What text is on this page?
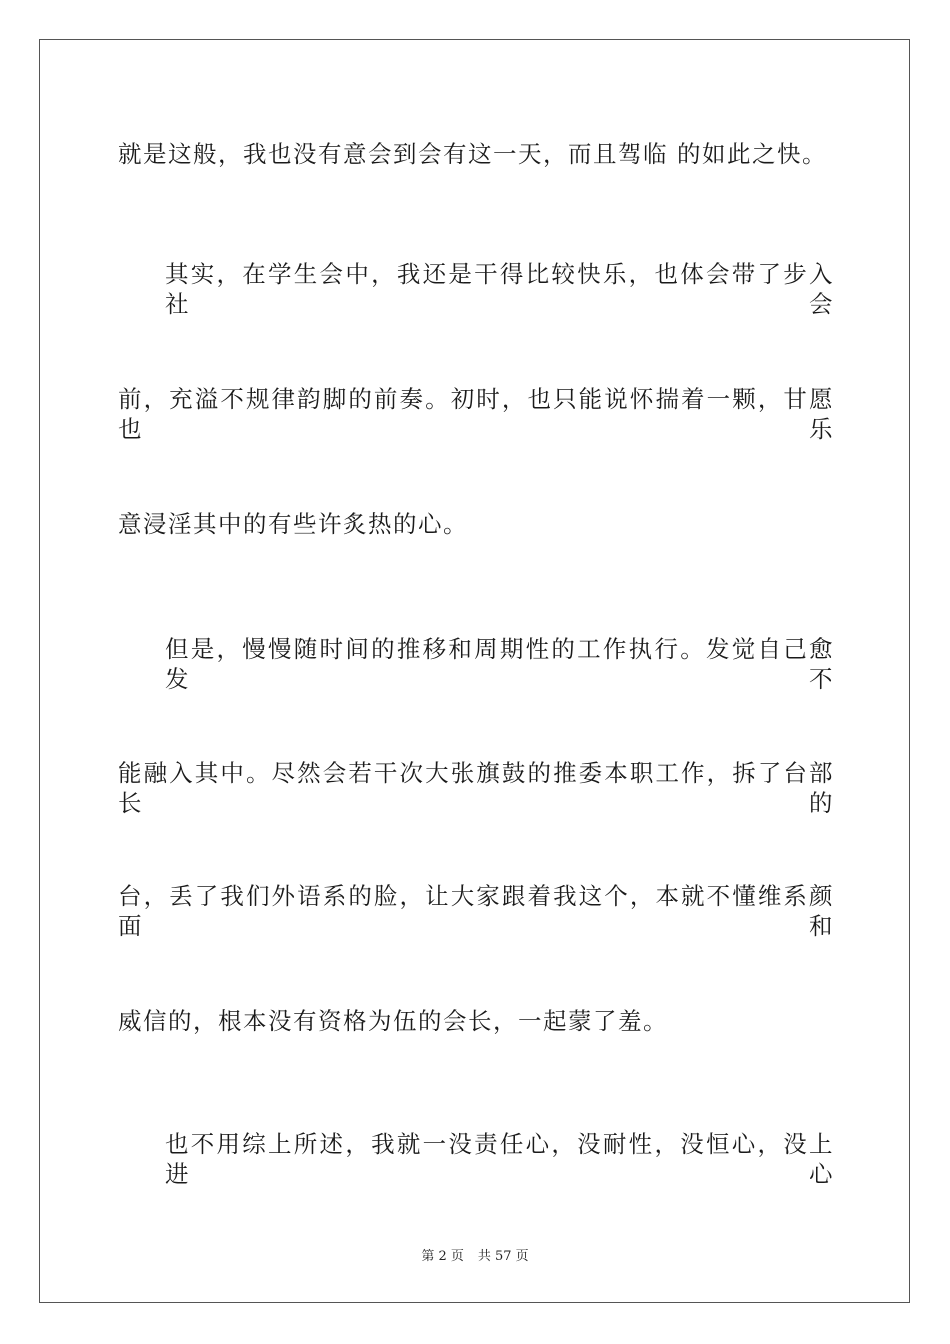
就是这般，我也没有意会到会有这一天，而且驾临 的如此之快。
其实，在学生会中，我还是干得比较快乐，也体会带了步入社会
前，充溢不规律韵脚的前奏。初时，也只能说怀揣着一颗，甘愿也乐
意浸淫其中的有些许炙热的心。
但是，慢慢随时间的推移和周期性的工作执行。发觉自己愈发不
能融入其中。尽然会若干次大张旗鼓的推委本职工作，拆了台部长的
台，丢了我们外语系的脸，让大家跟着我这个，本就不懂维系颜面和
威信的，根本没有资格为伍的会长，一起蒙了羞。
也不用综上所述，我就一没责任心，没耐性，没恒心，没上进心
第 2 页 共 57 页
